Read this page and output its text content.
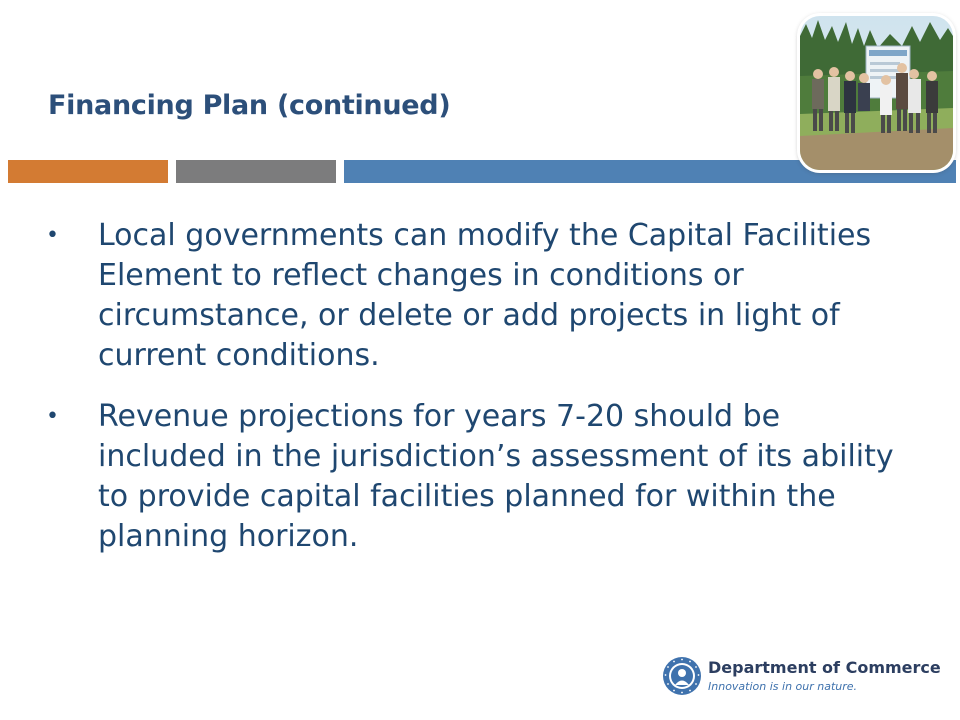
Financing Plan (continued)
• Local governments can modify the Capital Facilities Element to reflect changes in conditions or circumstance, or delete or add projects in light of current conditions.
• Revenue projections for years 7-20 should be included in the jurisdiction’s assessment of its ability to provide capital facilities planned for within the planning horizon.
Department of Commerce
Innovation is in our nature.
